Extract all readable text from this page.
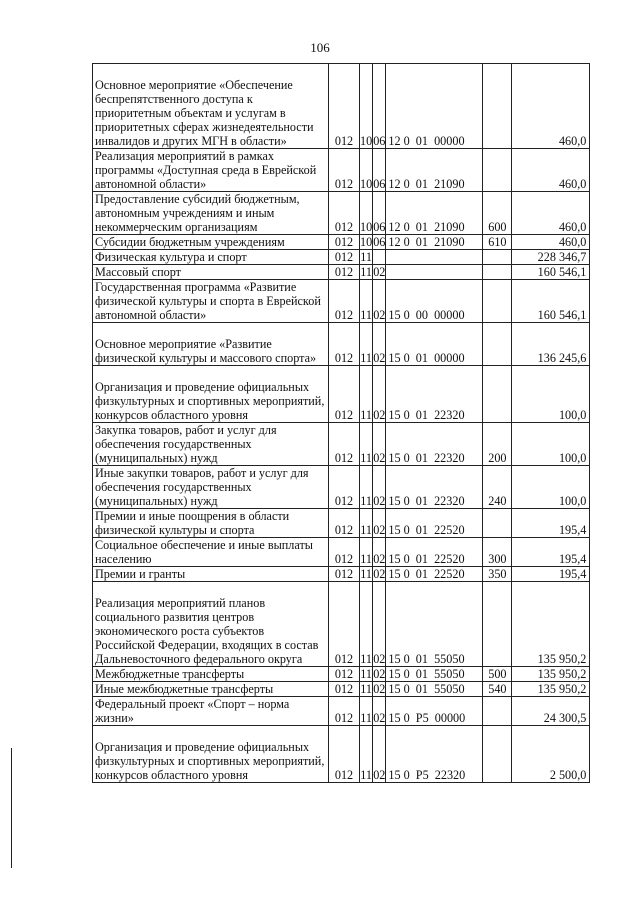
106
Основное мероприятие «Обеспечение беспрепятственного доступа к приоритетным объектам и услугам в приоритетных сферах жизнедеятельности инвалидов и других МГН в области»	012	10	06	12 0  01  00000		460,0

Реализация мероприятий в рамках программы «Доступная среда в Еврейской автономной области»	012	10	06	12 0  01  21090		460,0

Предоставление субсидий бюджетным, автономным учреждениям и иным некоммерческим организациям	012	10	06	12 0  01  21090	600	460,0

Субсидии бюджетным учреждениям	012	10	06	12 0  01  21090	610	460,0

Физическая культура и спорт	012	11				228 346,7

Массовый спорт	012	11	02			160 546,1

Государственная программа «Развитие физической культуры и спорта в Еврейской автономной области»	012	11	02	15 0  00  00000		160 546,1

Основное мероприятие «Развитие физической культуры и массового спорта»	012	11	02	15 0  01  00000		136 245,6

Организация и проведение официальных физкультурных и спортивных мероприятий, конкурсов областного уровня	012	11	02	15 0  01  22320		100,0

Закупка товаров, работ и услуг для обеспечения государственных (муниципальных) нужд	012	11	02	15 0  01  22320	200	100,0

Иные закупки товаров, работ и услуг для обеспечения государственных (муниципальных) нужд	012	11	02	15 0  01  22320	240	100,0

Премии и иные поощрения в области физической культуры и спорта	012	11	02	15 0  01  22520		195,4

Социальное обеспечение и иные выплаты населению	012	11	02	15 0  01  22520	300	195,4

Премии и гранты	012	11	02	15 0  01  22520	350	195,4

Реализация мероприятий планов социального развития центров экономического роста субъектов Российской Федерации, входящих в состав Дальневосточного федерального округа	012	11	02	15 0  01  55050		135 950,2

Межбюджетные трансферты	012	11	02	15 0  01  55050	500	135 950,2

Иные межбюджетные трансферты	012	11	02	15 0  01  55050	540	135 950,2

Федеральный проект «Спорт – норма жизни»	012	11	02	15 0  P5  00000		24 300,5

Организация и проведение официальных физкультурных и спортивных мероприятий, конкурсов областного уровня	012	11	02	15 0  P5  22320		2 500,0
